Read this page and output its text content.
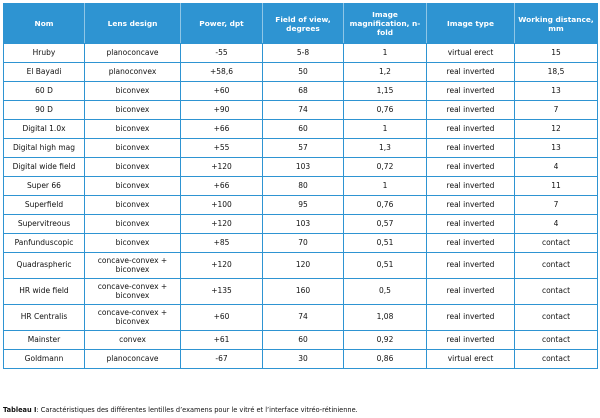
Nom	Lens design	Power, dpt	Field of view, degrees	Image magnification, n-fold	Image type	Working distance, mm
Hruby	planoconcave	-55	5-8	1	virtual erect	15
El Bayadi	planoconvex	+58,6	50	1,2	real inverted	18,5
60 D	biconvex	+60	68	1,15	real inverted	13
90 D	biconvex	+90	74	0,76	real inverted	7
Digital 1.0x	biconvex	+66	60	1	real inverted	12
Digital high mag	biconvex	+55	57	1,3	real inverted	13
Digital wide field	biconvex	+120	103	0,72	real inverted	4
Super 66	biconvex	+66	80	1	real inverted	11
Superfield	biconvex	+100	95	0,76	real inverted	7
Supervitreous	biconvex	+120	103	0,57	real inverted	4
Panfunduscopic	biconvex	+85	70	0,51	real inverted	contact
Quadraspheric	concave-convex + biconvex	+120	120	0,51	real inverted	contact
HR wide field	concave-convex + biconvex	+135	160	0,5	real inverted	contact
HR Centralis	concave-convex + biconvex	+60	74	1,08	real inverted	contact
Mainster	convex	+61	60	0,92	real inverted	contact
Goldmann	planoconcave	-67	30	0,86	virtual erect	contact
Tableau I: Caractéristiques des différentes lentilles d’examens pour le vitré et l’interface vitréo-rétinienne.
